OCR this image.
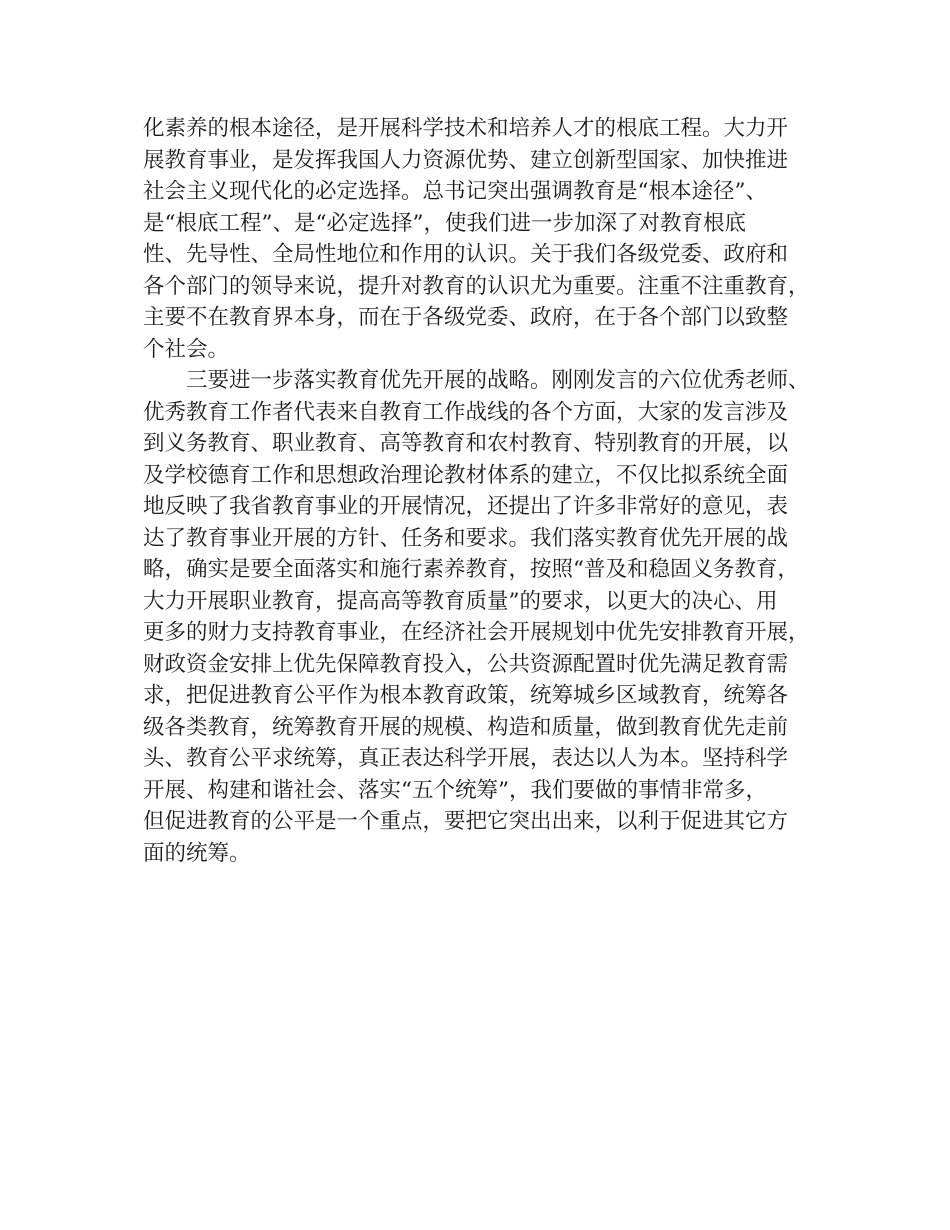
化素养的根本途径，是开展科学技术和培养人才的根底工程。大力开
展教育事业，是发挥我国人力资源优势、建立创新型国家、加快推进
社会主义现代化的必定选择。总书记突出强调教育是“根本途径”、
是“根底工程”、是“必定选择”，使我们进一步加深了对教育根底
性、先导性、全局性地位和作用的认识。关于我们各级党委、政府和
各个部门的领导来说，提升对教育的认识尤为重要。注重不注重教育，
主要不在教育界本身，而在于各级党委、政府，在于各个部门以致整
个社会。
　　三要进一步落实教育优先开展的战略。刚刚发言的六位优秀老师、
优秀教育工作者代表来自教育工作战线的各个方面，大家的发言涉及
到义务教育、职业教育、高等教育和农村教育、特别教育的开展，以
及学校德育工作和思想政治理论教材体系的建立，不仅比拟系统全面
地反映了我省教育事业的开展情况，还提出了许多非常好的意见，表
达了教育事业开展的方针、任务和要求。我们落实教育优先开展的战
略，确实是要全面落实和施行素养教育，按照“普及和稳固义务教育，
大力开展职业教育，提高高等教育质量”的要求，以更大的决心、用
更多的财力支持教育事业，在经济社会开展规划中优先安排教育开展，
财政资金安排上优先保障教育投入，公共资源配置时优先满足教育需
求，把促进教育公平作为根本教育政策，统筹城乡区域教育，统筹各
级各类教育，统筹教育开展的规模、构造和质量，做到教育优先走前
头、教育公平求统筹，真正表达科学开展，表达以人为本。坚持科学
开展、构建和谐社会、落实“五个统筹”，我们要做的事情非常多，
但促进教育的公平是一个重点，要把它突出出来，以利于促进其它方
面的统筹。
